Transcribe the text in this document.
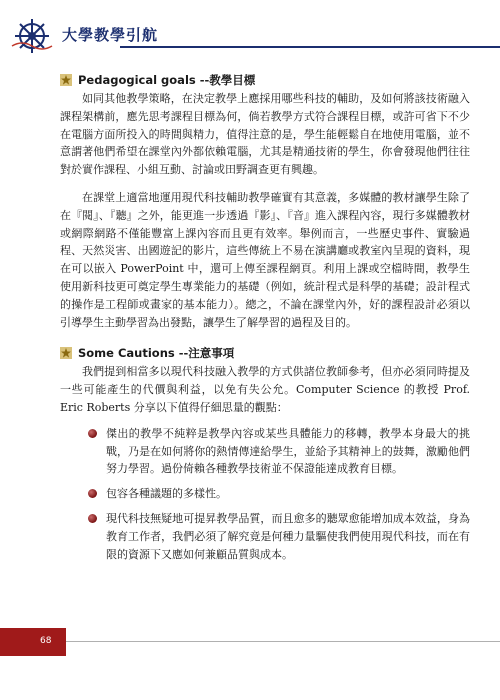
大學教學引航
Pedagogical goals --教學目標

如同其他教學策略，在決定教學上應採用哪些科技的輔助，及如何將該技術融入課程架構前，應先思考課程目標為何，倘若教學方式符合課程目標，或許可省下不少在電腦方面所投入的時間與精力，值得注意的是，學生能輕鬆自在地使用電腦，並不意謂著他們希望在課堂內外都依賴電腦，尤其是精通技術的學生，你會發現他們往往對於實作課程、小組互動、討論或田野調查更有興趣。

在課堂上適當地運用現代科技輔助教學確實有其意義，多媒體的教材讓學生除了在『閱』、『聽』之外，能更進一步透過『影』、『音』進入課程內容，現行多媒體教材或網際網路不僅能豐富上課內容而且更有效率。舉例而言，一些歷史事件、實驗過程、天然災害、出國遊記的影片，這些傳統上不易在演講廳或教室內呈現的資料，現在可以嵌入 PowerPoint 中，還可上傳至課程網頁。利用上課或空檔時間，教學生使用新科技更可奠定學生專業能力的基礎（例如，統計程式是科學的基礎；設計程式的操作是工程師或畫家的基本能力）。總之，不論在課堂內外，好的課程設計必須以引導學生主動學習為出發點，讓學生了解學習的過程及目的。

Some Cautions --注意事項

我們提到相當多以現代科技融入教學的方式供諸位教師參考，但亦必須同時提及一些可能產生的代價與利益，以免有失公允。Computer Science 的教授 Prof. Eric Roberts 分享以下值得仔細思量的觀點：

傑出的教學不純粹是教學內容或某些具體能力的移轉，教學本身最大的挑戰，乃是在如何將你的熱情傳達給學生，並給予其精神上的鼓舞，激勵他們努力學習。過份倚賴各種教學技術並不保證能達成教育目標。
包容各種議題的多樣性。
現代科技無疑地可提昇教學品質，而且愈多的聽眾愈能增加成本效益，身為教育工作者，我們必須了解究竟是何種力量驅使我們使用現代科技，而在有限的資源下又應如何兼顧品質與成本。
68
